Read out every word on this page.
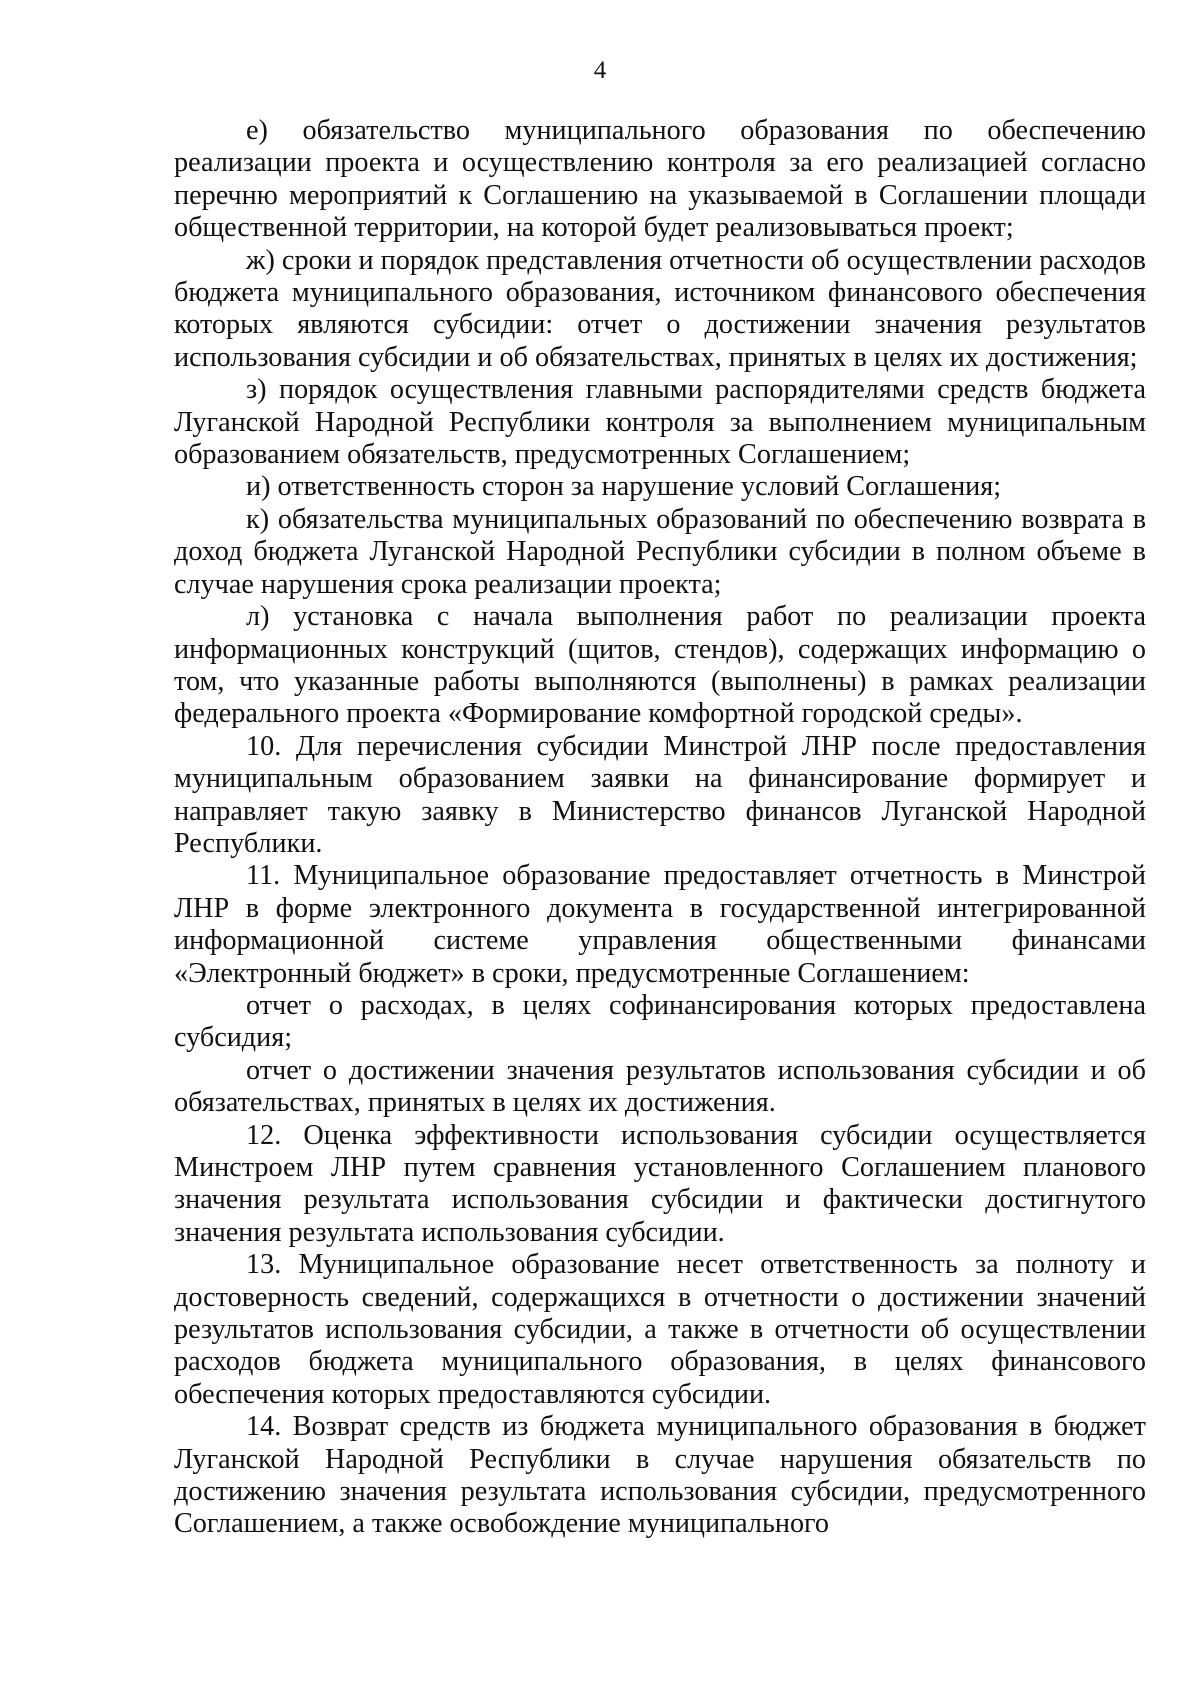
4

е) обязательство муниципального образования по обеспечению реализации проекта и осуществлению контроля за его реализацией согласно перечню мероприятий к Соглашению на указываемой в Соглашении площади общественной территории, на которой будет реализовываться проект;

ж) сроки и порядок представления отчетности об осуществлении расходов бюджета муниципального образования, источником финансового обеспечения которых являются субсидии: отчет о достижении значения результатов использования субсидии и об обязательствах, принятых в целях их достижения;

з) порядок осуществления главными распорядителями средств бюджета Луганской Народной Республики контроля за выполнением муниципальным образованием обязательств, предусмотренных Соглашением;

и) ответственность сторон за нарушение условий Соглашения;

к) обязательства муниципальных образований по обеспечению возврата в доход бюджета Луганской Народной Республики субсидии в полном объеме в случае нарушения срока реализации проекта;

л) установка с начала выполнения работ по реализации проекта информационных конструкций (щитов, стендов), содержащих информацию о том, что указанные работы выполняются (выполнены) в рамках реализации федерального проекта «Формирование комфортной городской среды».

10. Для перечисления субсидии Минстрой ЛНР после предоставления муниципальным образованием заявки на финансирование формирует и направляет такую заявку в Министерство финансов Луганской Народной Республики.

11. Муниципальное образование предоставляет отчетность в Минстрой ЛНР в форме электронного документа в государственной интегрированной информационной системе управления общественными финансами «Электронный бюджет» в сроки, предусмотренные Соглашением:

отчет о расходах, в целях софинансирования которых предоставлена субсидия;

отчет о достижении значения результатов использования субсидии и об обязательствах, принятых в целях их достижения.

12. Оценка эффективности использования субсидии осуществляется Минстроем ЛНР путем сравнения установленного Соглашением планового значения результата использования субсидии и фактически достигнутого значения результата использования субсидии.

13. Муниципальное образование несет ответственность за полноту и достоверность сведений, содержащихся в отчетности о достижении значений результатов использования субсидии, а также в отчетности об осуществлении расходов бюджета муниципального образования, в целях финансового обеспечения которых предоставляются субсидии.

14. Возврат средств из бюджета муниципального образования в бюджет Луганской Народной Республики в случае нарушения обязательств по достижению значения результата использования субсидии, предусмотренного Соглашением, а также освобождение муниципального
